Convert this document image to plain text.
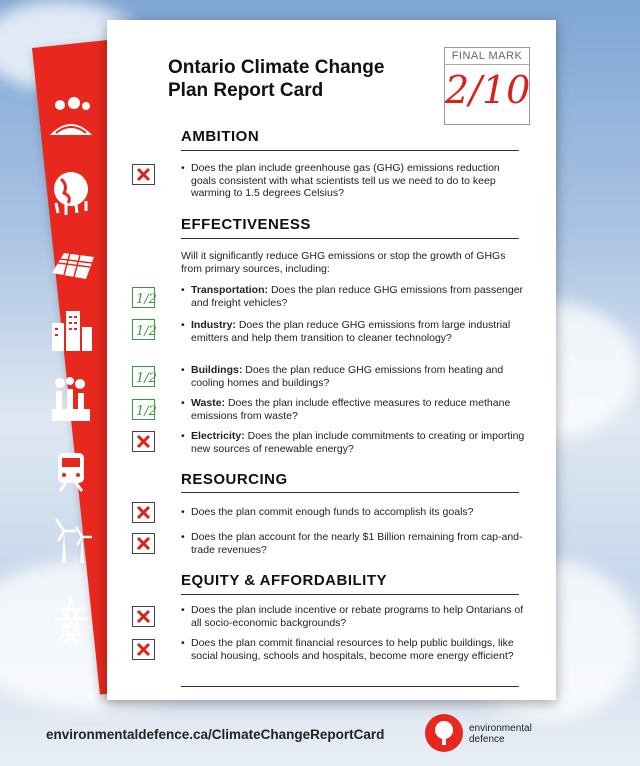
Ontario Climate Change
Plan Report Card
FINAL MARK
2/10
AMBITION
• Does the plan include greenhouse gas (GHG) emissions reduction goals consistent with what scientists tell us we need to do to keep warming to 1.5 degrees Celsius?
EFFECTIVENESS
Will it significantly reduce GHG emissions or stop the growth of GHGs from primary sources, including:
1/2
• Transportation: Does the plan reduce GHG emissions from passenger and freight vehicles?
1/2 • Industry: Does the plan reduce GHG emissions from large industrial emitters and help them transition to cleaner technology?
1/2
• Buildings: Does the plan reduce GHG emissions from heating and cooling homes and buildings?
1/2
• Waste: Does the plan include effective measures to reduce methane emissions from waste?
• Electricity: Does the plan include commitments to creating or importing new sources of renewable energy?
RESOURCING
• Does the plan commit enough funds to accomplish its goals?
• Does the plan account for the nearly $1 Billion remaining from cap-and-trade revenues?
EQUITY & AFFORDABILITY
• Does the plan include incentive or rebate programs to help Ontarians of all socio-economic backgrounds?
• Does the plan commit financial resources to help public buildings, like social housing, schools and hospitals, become more energy efficient?
environmentaldefence.ca/ClimateChangeReportCard	environmental
defence
